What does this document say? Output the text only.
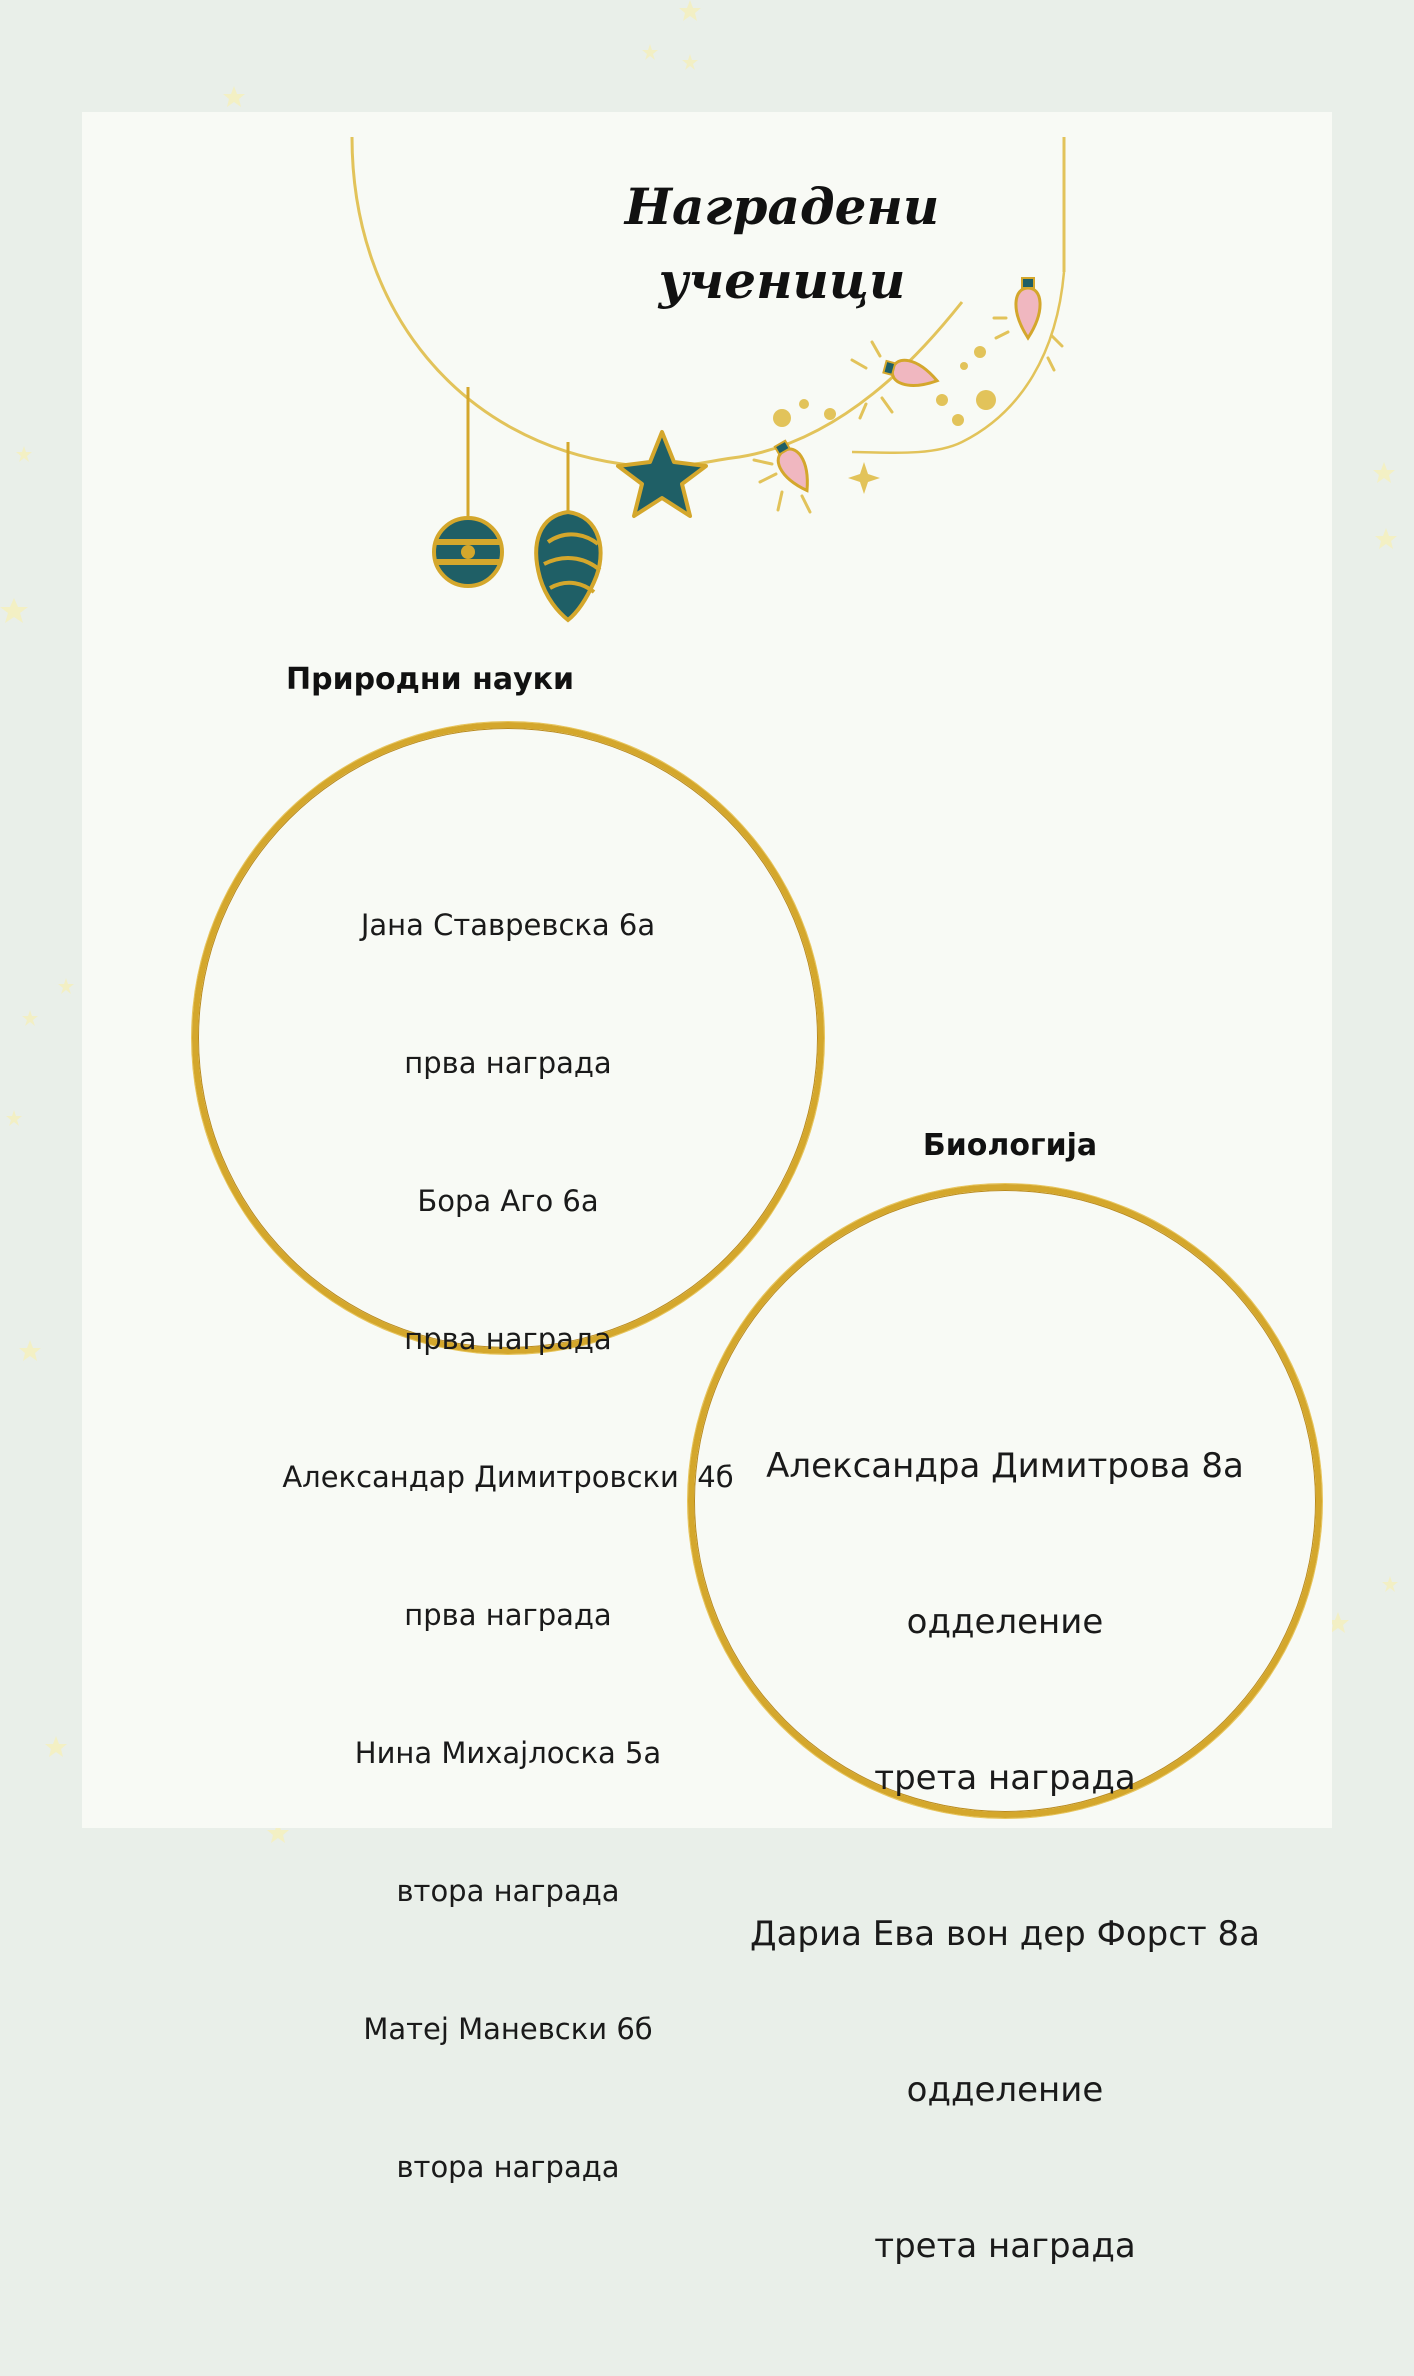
Наградени
ученици
Природни науки

Јана Ставревска 6а

прва награда

Бора Аго 6а

прва награда

Александар Димитровски  4б

прва награда

Нина Михајлоска 5а

втора награда

Матеј Маневски 6б

втора награда

Биологија

Александра Димитрова 8а

одделение

трета награда

Дариа Ева вон дер Форст 8а

одделение

трета награда
